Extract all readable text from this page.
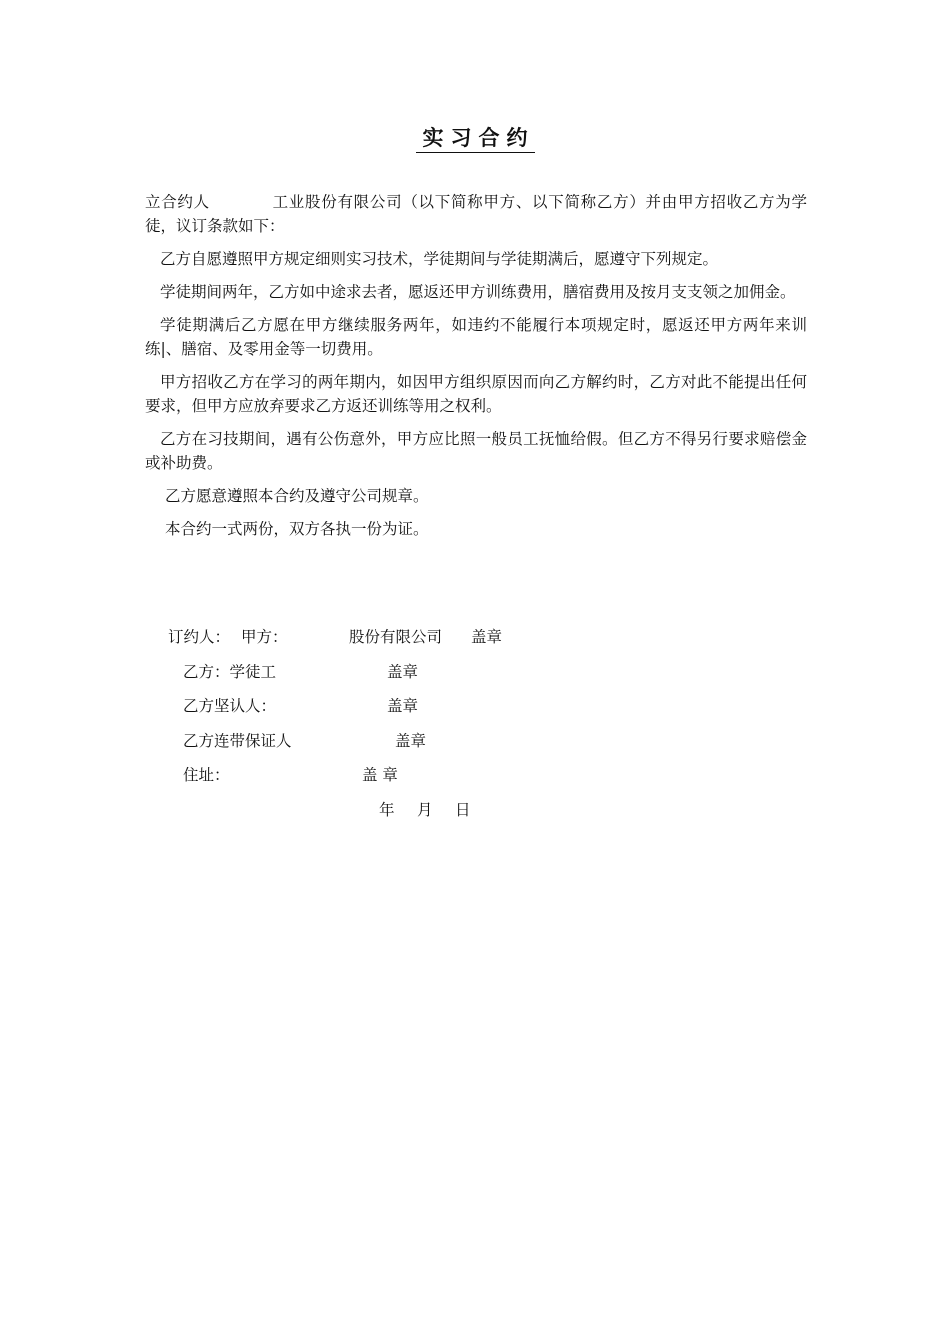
实习合约

立合约人	工业股份有限公司（以下简称甲方、以下简称乙方）并由甲方招收乙方为学徒，议订条款如下：

乙方自愿遵照甲方规定细则实习技术，学徒期间与学徒期满后，愿遵守下列规定。

学徒期间两年，乙方如中途求去者，愿返还甲方训练费用，膳宿费用及按月支支领之加佣金。

学徒期满后乙方愿在甲方继续服务两年，如违约不能履行本项规定时，愿返还甲方两年来训练|、膳宿、及零用金等一切费用。

甲方招收乙方在学习的两年期内，如因甲方组织原因而向乙方解约时，乙方对此不能提出任何要求，但甲方应放弃要求乙方返还训练等用之权利。

乙方在习技期间，遇有公伤意外，甲方应比照一般员工抚恤给假。但乙方不得另行要求赔偿金或补助费。

乙方愿意遵照本合约及遵守公司规章。

本合约一式两份，双方各执一份为证。

订约人： 甲方：	股份有限公司 盖章
乙方：学徒工	盖章
乙方坚认人：	盖章
乙方连带保证人	盖章
住址：	盖 章
年 月 日
